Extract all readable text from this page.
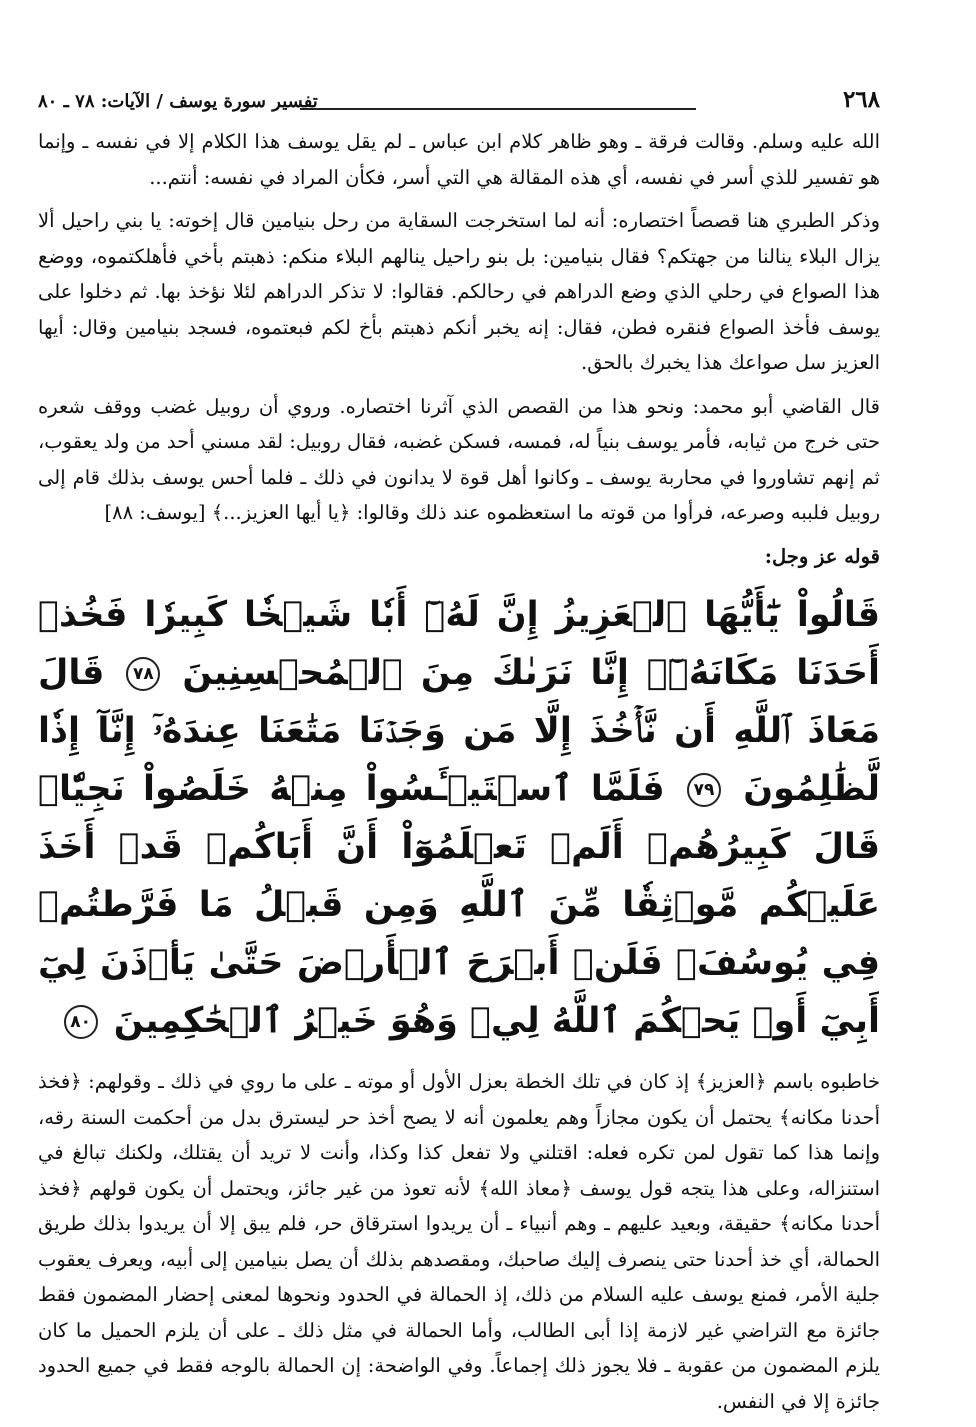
٢٦٨
تفسير سورة يوسف / الآيات: ٧٨ ـ ٨٠

الله عليه وسلم. وقالت فرقة ـ وهو ظاهر كلام ابن عباس ـ لم يقل يوسف هذا الكلام إلا في نفسه ـ وإنما هو تفسير للذي أسر في نفسه، أي هذه المقالة هي التي أسر، فكأن المراد في نفسه: أنتم...

وذكر الطبري هنا قصصاً اختصاره: أنه لما استخرجت السقاية من رحل بنيامين قال إخوته: يا بني راحيل ألا يزال البلاء ينالنا من جهتكم؟ فقال بنيامين: بل بنو راحيل ينالهم البلاء منكم: ذهبتم بأخي فأهلكتموه، ووضع هذا الصواع في رحلي الذي وضع الدراهم في رحالكم. فقالوا: لا تذكر الدراهم لئلا نؤخذ بها. ثم دخلوا على يوسف فأخذ الصواع فنقره فطن، فقال: إنه يخبر أنكم ذهبتم بأخ لكم فبعتموه، فسجد بنيامين وقال: أيها العزيز سل صواعك هذا يخبرك بالحق.

قال القاضي أبو محمد: ونحو هذا من القصص الذي آثرنا اختصاره. وروي أن روبيل غضب ووقف شعره حتى خرج من ثيابه، فأمر يوسف بنياً له، فمسه، فسكن غضبه، فقال روبيل: لقد مسني أحد من ولد يعقوب، ثم إنهم تشاوروا في محاربة يوسف ـ وكانوا أهل قوة لا يدانون في ذلك ـ فلما أحس يوسف بذلك قام إلى روبيل فلببه وصرعه، فرأوا من قوته ما استعظموه عند ذلك وقالوا: ﴿يا أيها العزيز...﴾ [يوسف: ٨٨]

قوله عز وجل:

قَالُواْ يَٰٓأَيُّهَا ٱلۡعَزِيزُ إِنَّ لَهُۥٓ أَبٗا شَيۡخٗا كَبِيرٗا فَخُذۡ أَحَدَنَا مَكَانَهُۥٓۖ إِنَّا نَرَىٰكَ مِنَ ٱلۡمُحۡسِنِينَ ٧٨ قَالَ مَعَاذَ ٱللَّهِ أَن نَّأۡخُذَ إِلَّا مَن وَجَدۡنَا مَتَٰعَنَا عِندَهُۥٓ إِنَّآ إِذٗا لَّظَٰلِمُونَ ٧٩ فَلَمَّا ٱسۡتَيۡـَٔسُواْ مِنۡهُ خَلَصُواْ نَجِيّٗاۖ قَالَ كَبِيرُهُمۡ أَلَمۡ تَعۡلَمُوٓاْ أَنَّ أَبَاكُمۡ قَدۡ أَخَذَ عَلَيۡكُم مَّوۡثِقٗا مِّنَ ٱللَّهِ وَمِن قَبۡلُ مَا فَرَّطتُمۡ فِي يُوسُفَۖ فَلَنۡ أَبۡرَحَ ٱلۡأَرۡضَ حَتَّىٰ يَأۡذَنَ لِيٓ أَبِيٓ أَوۡ يَحۡكُمَ ٱللَّهُ لِيۖ وَهُوَ خَيۡرُ ٱلۡحَٰكِمِينَ ٨٠

خاطبوه باسم ﴿العزيز﴾ إذ كان في تلك الخطة بعزل الأول أو موته ـ على ما روي في ذلك ـ وقولهم: ﴿فخذ أحدنا مكانه﴾ يحتمل أن يكون مجازاً وهم يعلمون أنه لا يصح أخذ حر ليسترق بدل من أحكمت السنة رقه، وإنما هذا كما تقول لمن تكره فعله: اقتلني ولا تفعل كذا وكذا، وأنت لا تريد أن يقتلك، ولكنك تبالغ في استنزاله، وعلى هذا يتجه قول يوسف ﴿معاذ الله﴾ لأنه تعوذ من غير جائز، ويحتمل أن يكون قولهم ﴿فخذ أحدنا مكانه﴾ حقيقة، وبعيد عليهم ـ وهم أنبياء ـ أن يريدوا استرقاق حر، فلم يبق إلا أن يريدوا بذلك طريق الحمالة، أي خذ أحدنا حتى ينصرف إليك صاحبك، ومقصدهم بذلك أن يصل بنيامين إلى أبيه، ويعرف يعقوب جلية الأمر، فمنع يوسف عليه السلام من ذلك، إذ الحمالة في الحدود ونحوها لمعنى إحضار المضمون فقط جائزة مع التراضي غير لازمة إذا أبى الطالب، وأما الحمالة في مثل ذلك ـ على أن يلزم الحميل ما كان يلزم المضمون من عقوبة ـ فلا يجوز ذلك إجماعاً. وفي الواضحة: إن الحمالة بالوجه فقط في جميع الحدود جائزة إلا في النفس.
